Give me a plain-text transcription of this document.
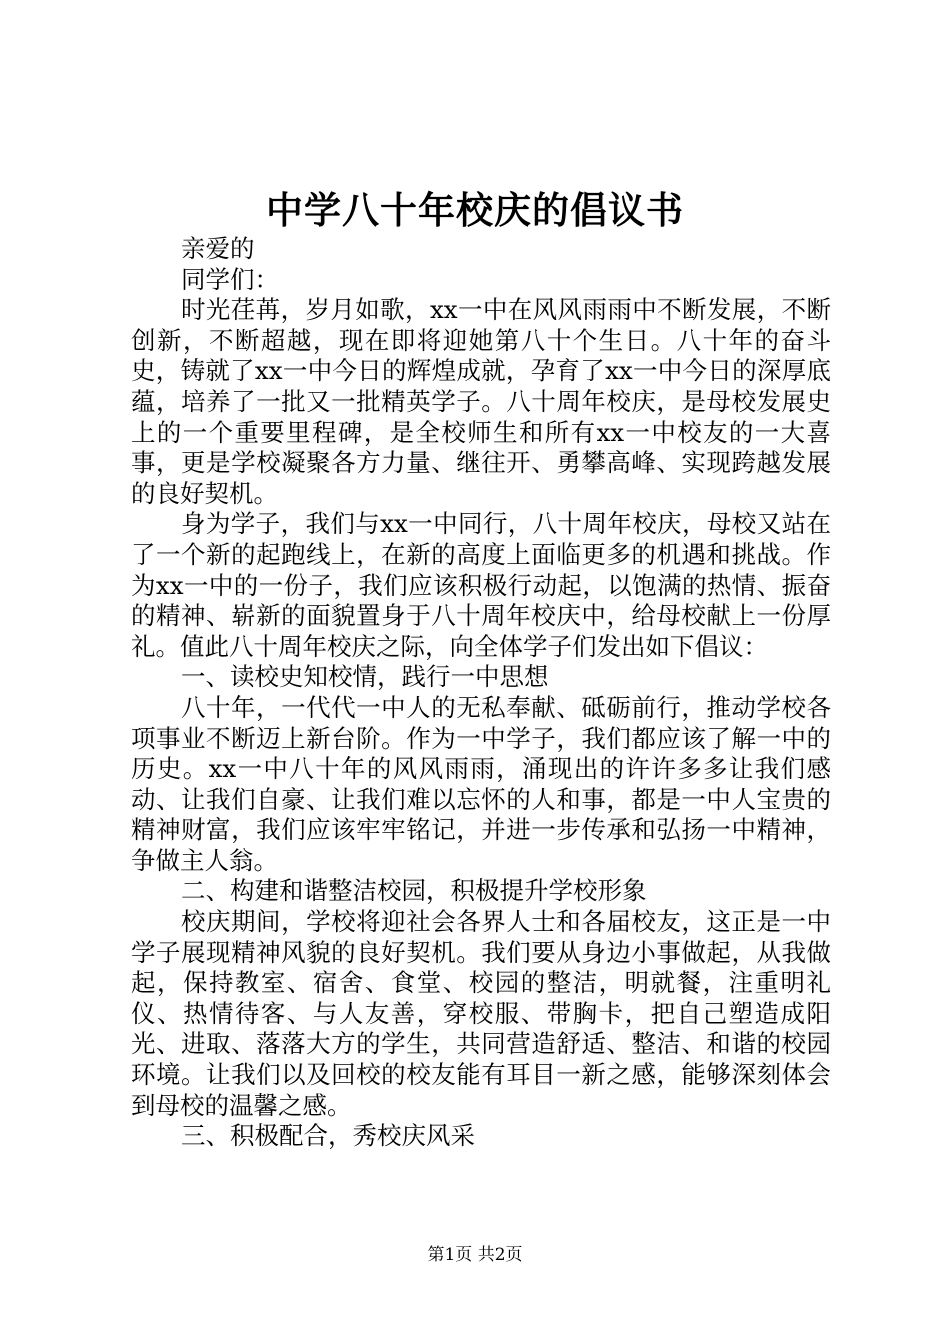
中学八十年校庆的倡议书

亲爱的

同学们：

时光荏苒，岁月如歌，xx一中在风风雨雨中不断发展，不断创新，不断超越，现在即将迎她第八十个生日。八十年的奋斗史，铸就了xx一中今日的辉煌成就，孕育了xx一中今日的深厚底蕴，培养了一批又一批精英学子。八十周年校庆，是母校发展史上的一个重要里程碑，是全校师生和所有xx一中校友的一大喜事，更是学校凝聚各方力量、继往开、勇攀高峰、实现跨越发展的良好契机。

身为学子，我们与xx一中同行，八十周年校庆，母校又站在了一个新的起跑线上，在新的高度上面临更多的机遇和挑战。作为xx一中的一份子，我们应该积极行动起，以饱满的热情、振奋的精神、崭新的面貌置身于八十周年校庆中，给母校献上一份厚礼。值此八十周年校庆之际，向全体学子们发出如下倡议：

一、读校史知校情，践行一中思想

八十年，一代代一中人的无私奉献、砥砺前行，推动学校各项事业不断迈上新台阶。作为一中学子，我们都应该了解一中的历史。xx一中八十年的风风雨雨，涌现出的许许多多让我们感动、让我们自豪、让我们难以忘怀的人和事，都是一中人宝贵的精神财富，我们应该牢牢铭记，并进一步传承和弘扬一中精神，争做主人翁。

二、构建和谐整洁校园，积极提升学校形象

校庆期间，学校将迎社会各界人士和各届校友，这正是一中学子展现精神风貌的良好契机。我们要从身边小事做起，从我做起，保持教室、宿舍、食堂、校园的整洁，明就餐，注重明礼仪、热情待客、与人友善，穿校服、带胸卡，把自己塑造成阳光、进取、落落大方的学生，共同营造舒适、整洁、和谐的校园环境。让我们以及回校的校友能有耳目一新之感，能够深刻体会到母校的温馨之感。

三、积极配合，秀校庆风采

第1页 共2页
